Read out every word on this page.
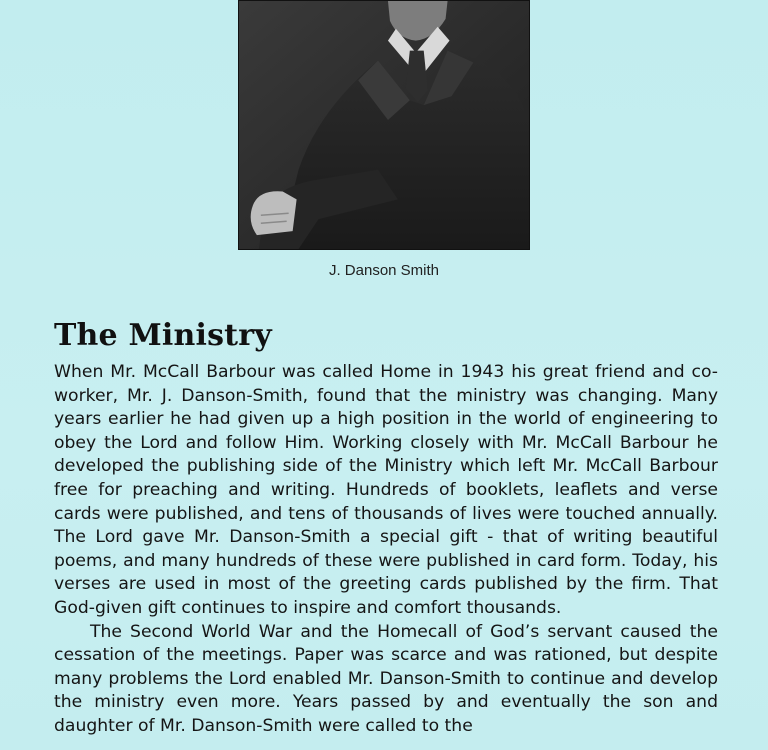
J. Danson Smith
The Ministry

When Mr. McCall Barbour was called Home in 1943 his great friend and co-worker, Mr. J. Danson-Smith, found that the ministry was changing. Many years earlier he had given up a high position in the world of engineering to obey the Lord and follow Him. Working closely with Mr. McCall Barbour he developed the publishing side of the Ministry which left Mr. McCall Barbour free for preaching and writing. Hundreds of booklets, leaflets and verse cards were published, and tens of thousands of lives were touched annually. The Lord gave Mr. Danson-Smith a special gift - that of writing beautiful poems, and many hundreds of these were published in card form. Today, his verses are used in most of the greeting cards published by the firm. That God-given gift continues to inspire and comfort thousands.

The Second World War and the Homecall of God’s servant caused the cessation of the meetings. Paper was scarce and was rationed, but despite many problems the Lord enabled Mr. Danson-Smith to continue and develop the ministry even more. Years passed by and eventually the son and daughter of Mr. Danson-Smith were called to the
